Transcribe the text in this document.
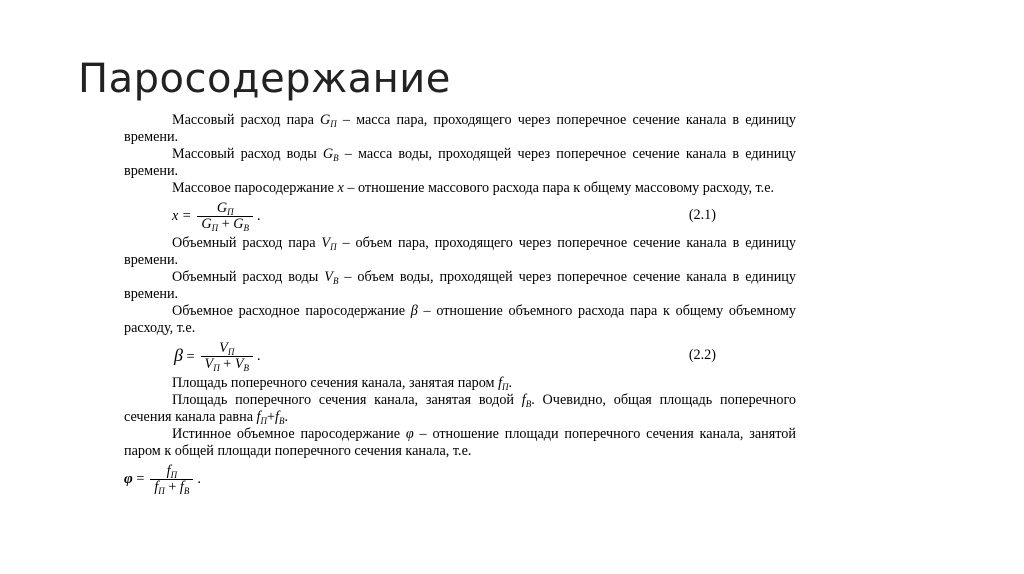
Паросодержание

Массовый расход пара $G_П$ – масса пара, проходящего через поперечное сечение канала в единицу времени.

Массовый расход воды $G_В$ – масса воды, проходящей через поперечное сечение канала в единицу времени.

Массовое паросодержание x – отношение массового расхода пара к общему массовому расходу, т.е.

$x = \frac{G_П}{G_П + G_В}$ .	(2.1)

Объемный расход пара $V_П$ – объем пара, проходящего через поперечное сечение канала в единицу времени.

Объемный расход воды $V_В$ – объем воды, проходящей через поперечное сечение канала в единицу времени.

Объемное расходное паросодержание β – отношение объемного расхода пара к общему объемному расходу, т.е.

$\beta = \frac{V_П}{V_П + V_В}$ .	(2.2)

Площадь поперечного сечения канала, занятая паром $f_П$.

Площадь поперечного сечения канала, занятая водой $f_В$. Очевидно, общая площадь поперечного сечения канала равна $f_П+f_В$.

Истинное объемное паросодержание φ – отношение площади поперечного сечения канала, занятой паром к общей площади поперечного сечения канала, т.е.

$\varphi = \frac{f_П}{f_П + f_В}$ .
